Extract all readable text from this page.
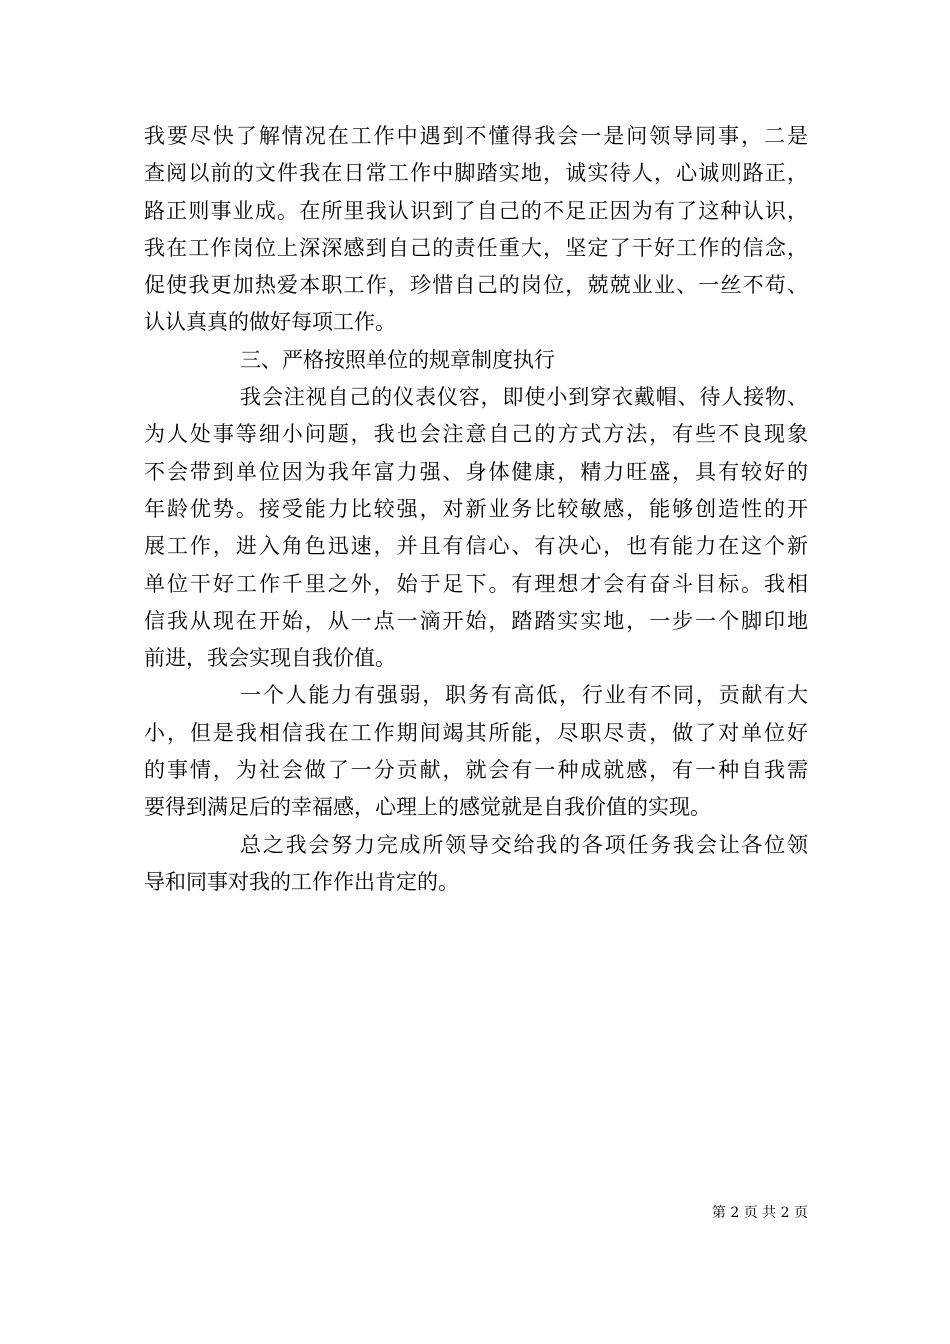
我要尽快了解情况在工作中遇到不懂得我会一是问领导同事，二是
查阅以前的文件我在日常工作中脚踏实地，诚实待人，心诚则路正，
路正则事业成。在所里我认识到了自己的不足正因为有了这种认识，
我在工作岗位上深深感到自己的责任重大，坚定了干好工作的信念，
促使我更加热爱本职工作，珍惜自己的岗位，兢兢业业、一丝不苟、
认认真真的做好每项工作。
三、严格按照单位的规章制度执行
我会注视自己的仪表仪容，即使小到穿衣戴帽、待人接物、
为人处事等细小问题，我也会注意自己的方式方法，有些不良现象
不会带到单位因为我年富力强、身体健康，精力旺盛，具有较好的
年龄优势。接受能力比较强，对新业务比较敏感，能够创造性的开
展工作，进入角色迅速，并且有信心、有决心，也有能力在这个新
单位干好工作千里之外，始于足下。有理想才会有奋斗目标。我相
信我从现在开始，从一点一滴开始，踏踏实实地，一步一个脚印地
前进，我会实现自我价值。
一个人能力有强弱，职务有高低，行业有不同，贡献有大
小，但是我相信我在工作期间竭其所能，尽职尽责，做了对单位好
的事情，为社会做了一分贡献，就会有一种成就感，有一种自我需
要得到满足后的幸福感，心理上的感觉就是自我价值的实现。
总之我会努力完成所领导交给我的各项任务我会让各位领
导和同事对我的工作作出肯定的。
第 2 页 共 2 页
